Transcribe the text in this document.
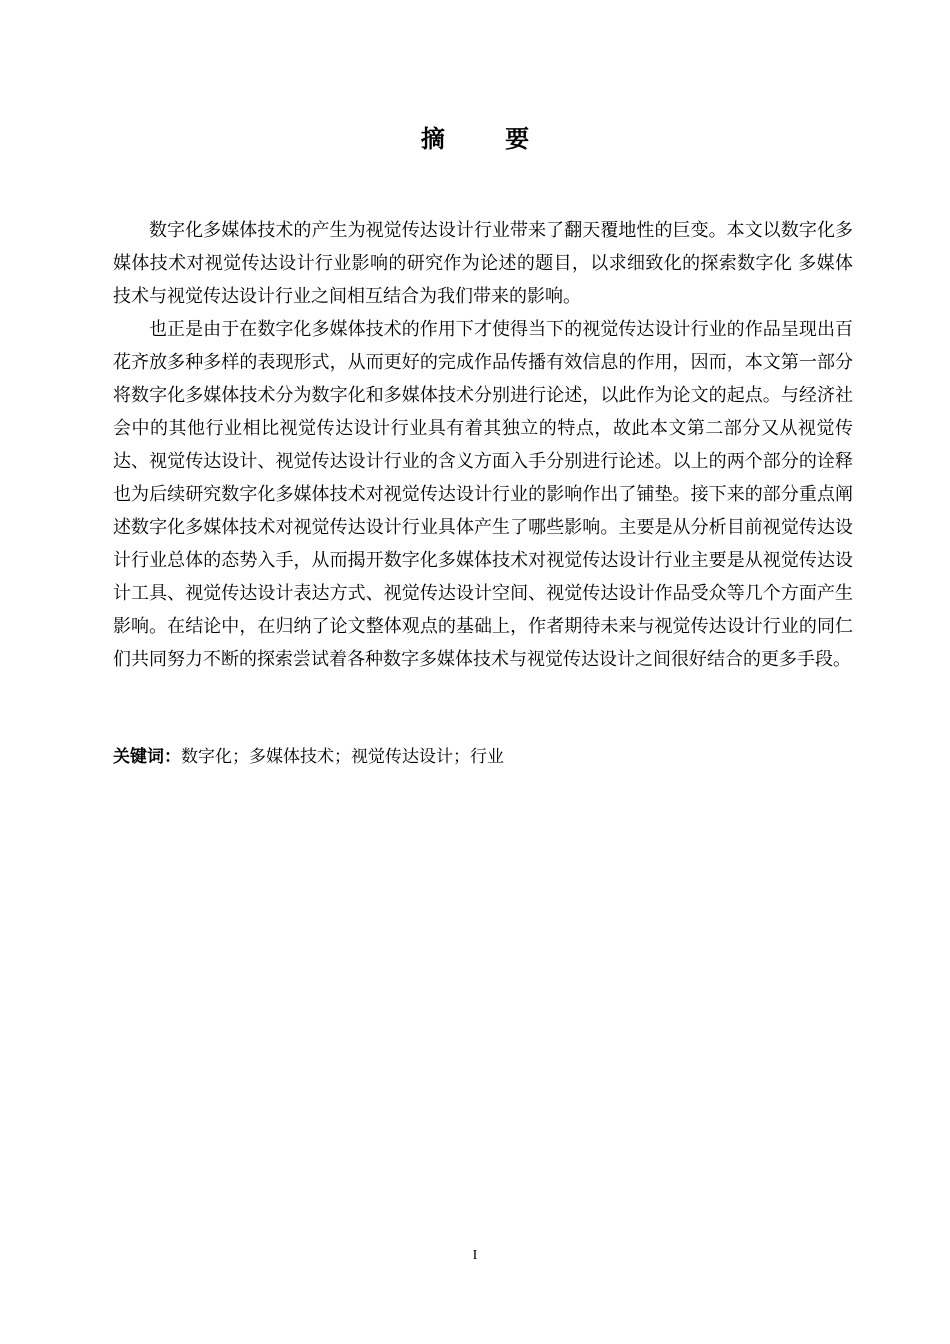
摘 要

数字化多媒体技术的产生为视觉传达设计行业带来了翻天覆地性的巨变。本文以数字化多媒体技术对视觉传达设计行业影响的研究作为论述的题目，以求细致化的探索数字化 多媒体技术与视觉传达设计行业之间相互结合为我们带来的影响。

也正是由于在数字化多媒体技术的作用下才使得当下的视觉传达设计行业的作品呈现出百花齐放多种多样的表现形式，从而更好的完成作品传播有效信息的作用，因而，本文第一部分将数字化多媒体技术分为数字化和多媒体技术分别进行论述，以此作为论文的起点。与经济社会中的其他行业相比视觉传达设计行业具有着其独立的特点，故此本文第二部分又从视觉传达、视觉传达设计、视觉传达设计行业的含义方面入手分别进行论述。以上的两个部分的诠释也为后续研究数字化多媒体技术对视觉传达设计行业的影响作出了铺垫。接下来的部分重点阐述数字化多媒体技术对视觉传达设计行业具体产生了哪些影响。主要是从分析目前视觉传达设计行业总体的态势入手，从而揭开数字化多媒体技术对视觉传达设计行业主要是从视觉传达设计工具、视觉传达设计表达方式、视觉传达设计空间、视觉传达设计作品受众等几个方面产生影响。在结论中，在归纳了论文整体观点的基础上，作者期待未来与视觉传达设计行业的同仁们共同努力不断的探索尝试着各种数字多媒体技术与视觉传达设计之间很好结合的更多手段。

关键词：数字化；多媒体技术；视觉传达设计；行业
I
